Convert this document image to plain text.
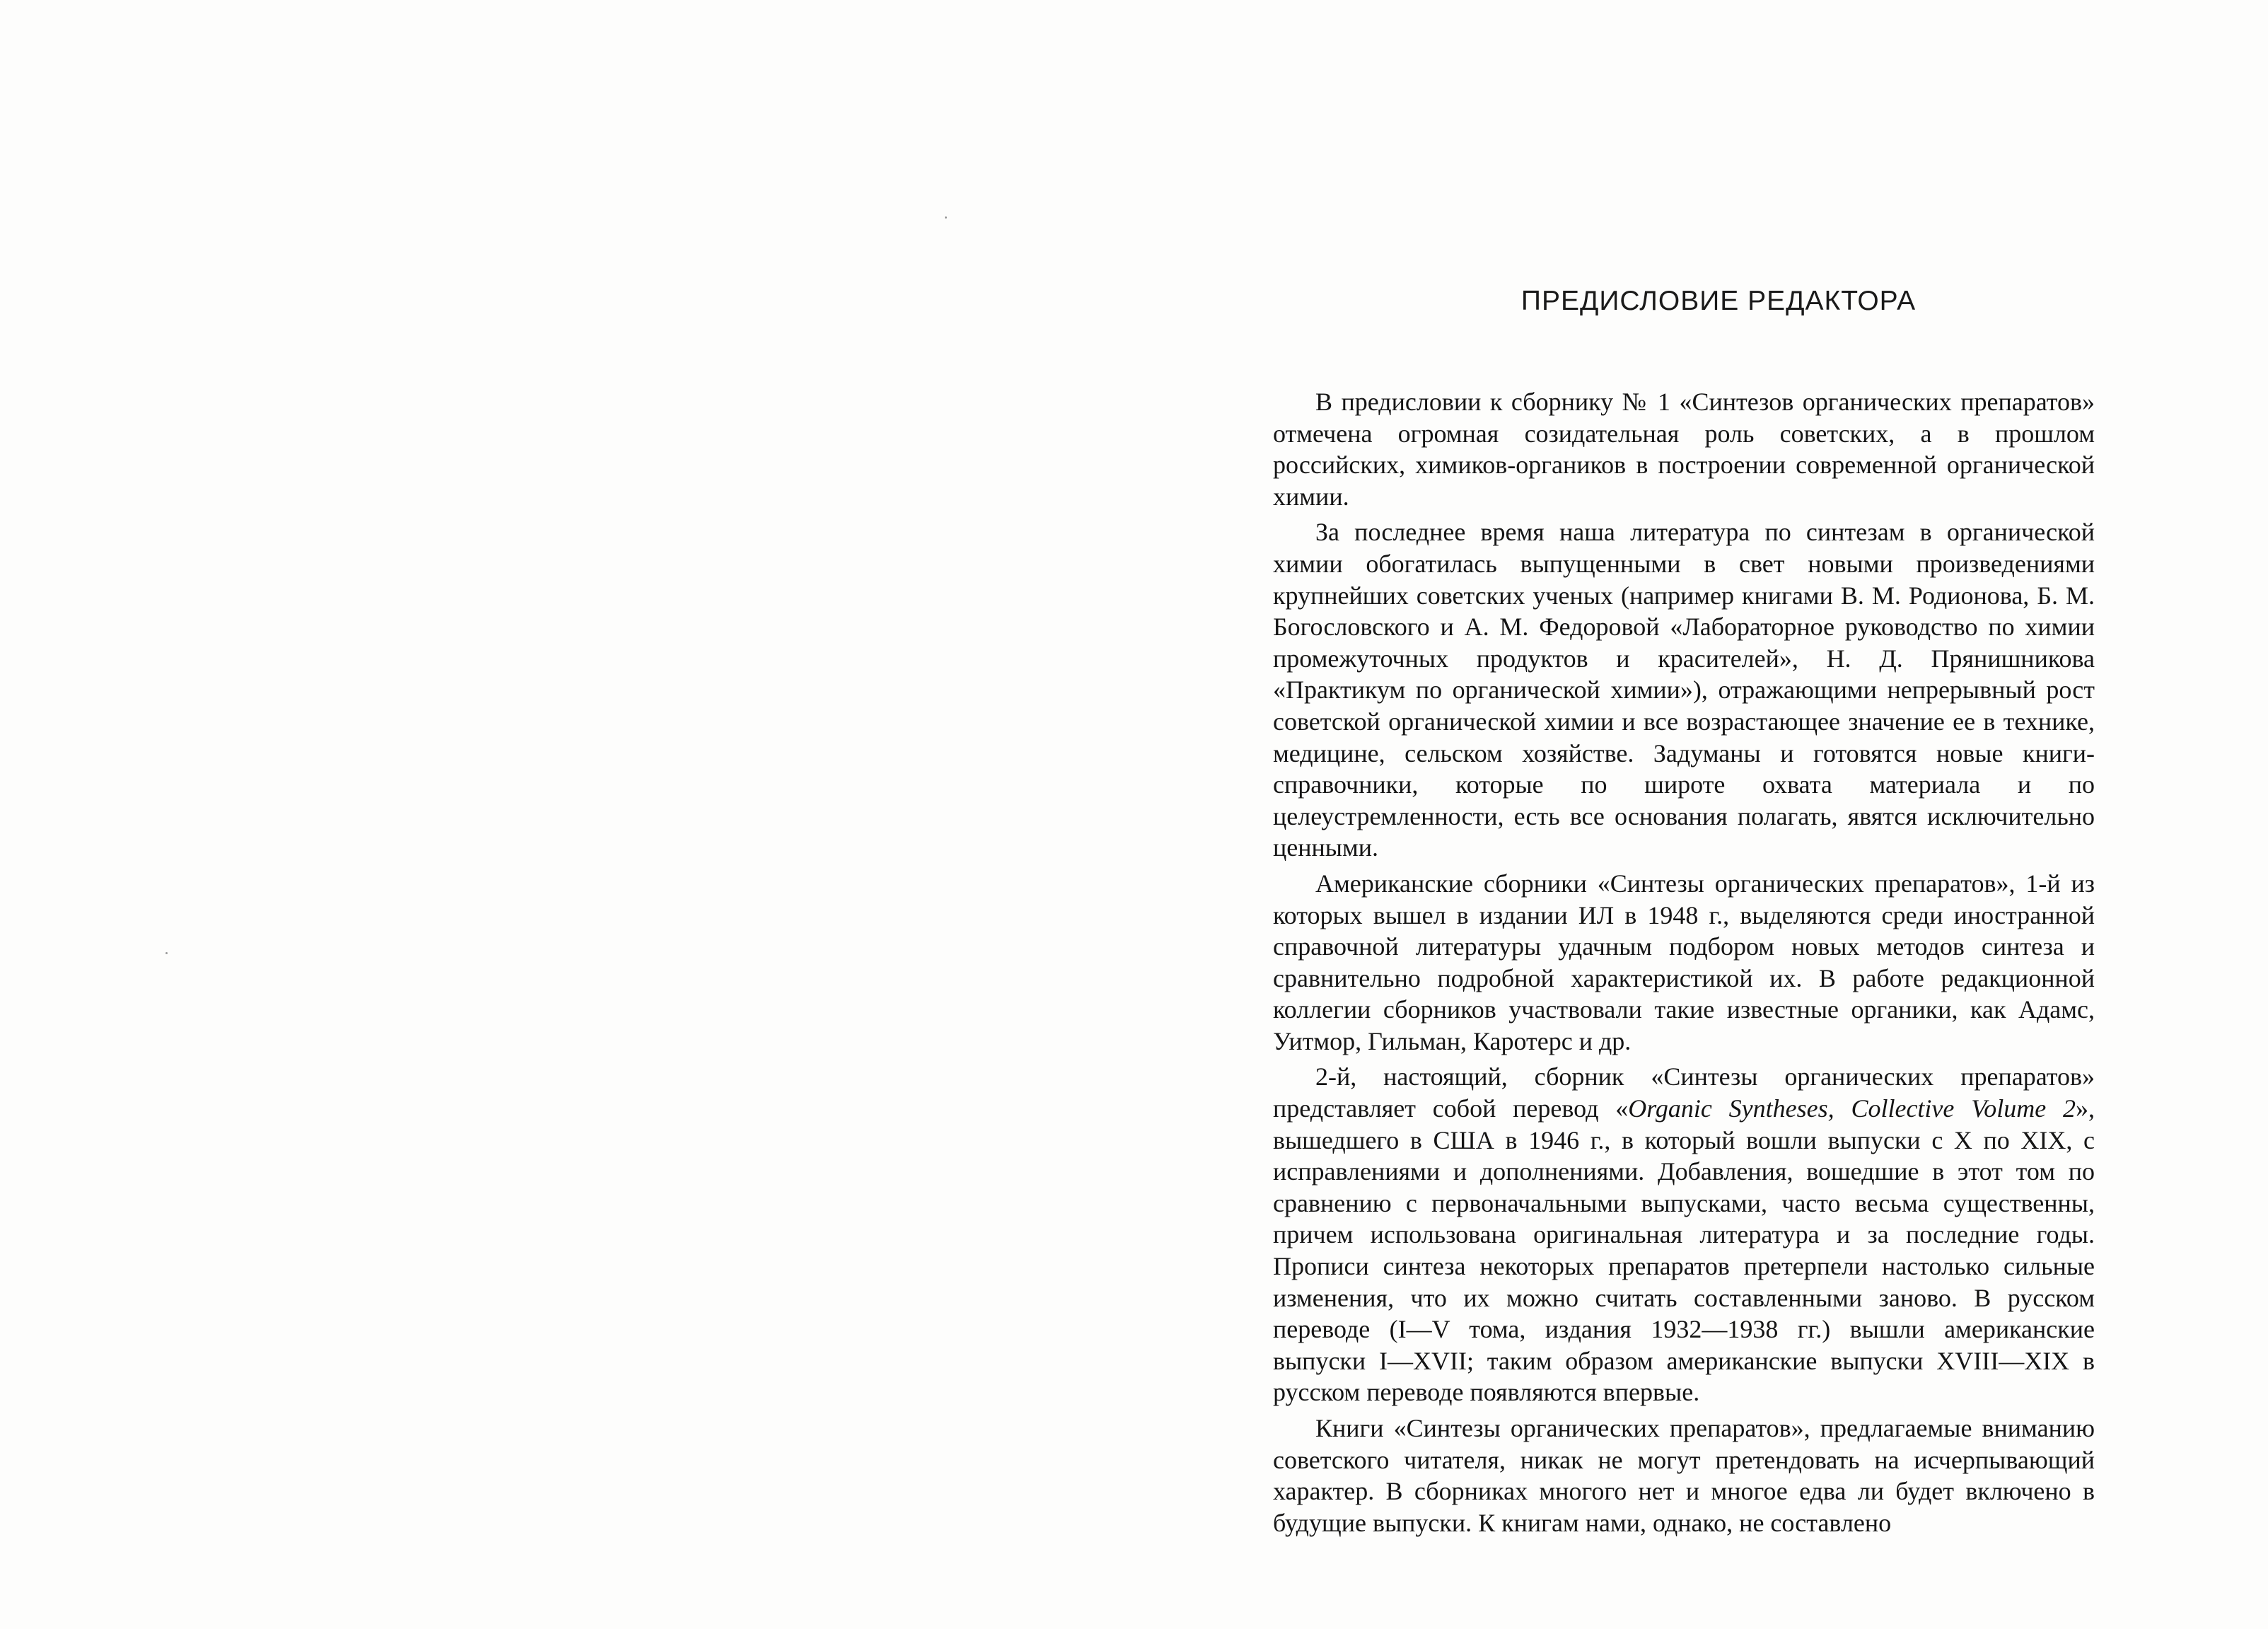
ПРЕДИСЛОВИЕ РЕДАКТОРА

В предисловии к сборнику № 1 «Синтезов органических препаратов» отмечена огромная созидательная роль советских, а в прошлом российских, химиков-органиков в построении современной органической химии.

За последнее время наша литература по синтезам в органической химии обогатилась выпущенными в свет новыми произведениями крупнейших советских ученых (например книгами В. М. Родионова, Б. М. Богословского и А. М. Федоровой «Лабораторное руководство по химии промежуточных продуктов и красителей», Н. Д. Прянишникова «Практикум по органической химии»), отражающими непрерывный рост советской органической химии и все возрастающее значение ее в технике, медицине, сельском хозяйстве. Задуманы и готовятся новые книги-справочники, которые по широте охвата материала и по целеустремленности, есть все основания полагать, явятся исключительно ценными.

Американские сборники «Синтезы органических препаратов», 1-й из которых вышел в издании ИЛ в 1948 г., выделяются среди иностранной справочной литературы удачным подбором новых методов синтеза и сравнительно подробной характеристикой их. В работе редакционной коллегии сборников участвовали такие известные органики, как Адамс, Уитмор, Гильман, Каротерс и др.

2-й, настоящий, сборник «Синтезы органических препаратов» представляет собой перевод «Organic Syntheses, Collective Volume 2», вышедшего в США в 1946 г., в который вошли выпуски с X по XIX, с исправлениями и дополнениями. Добавления, вошедшие в этот том по сравнению с первоначальными выпусками, часто весьма существенны, причем использована оригинальная литература и за последние годы. Прописи синтеза некоторых препаратов претерпели настолько сильные изменения, что их можно считать составленными заново. В русском переводе (I—V тома, издания 1932—1938 гг.) вышли американские выпуски I—XVII; таким образом американские выпуски XVIII—XIX в русском переводе появляются впервые.

Книги «Синтезы органических препаратов», предлагаемые вниманию советского читателя, никак не могут претендовать на исчерпывающий характер. В сборниках многого нет и многое едва ли будет включено в будущие выпуски. К книгам нами, однако, не составлено
